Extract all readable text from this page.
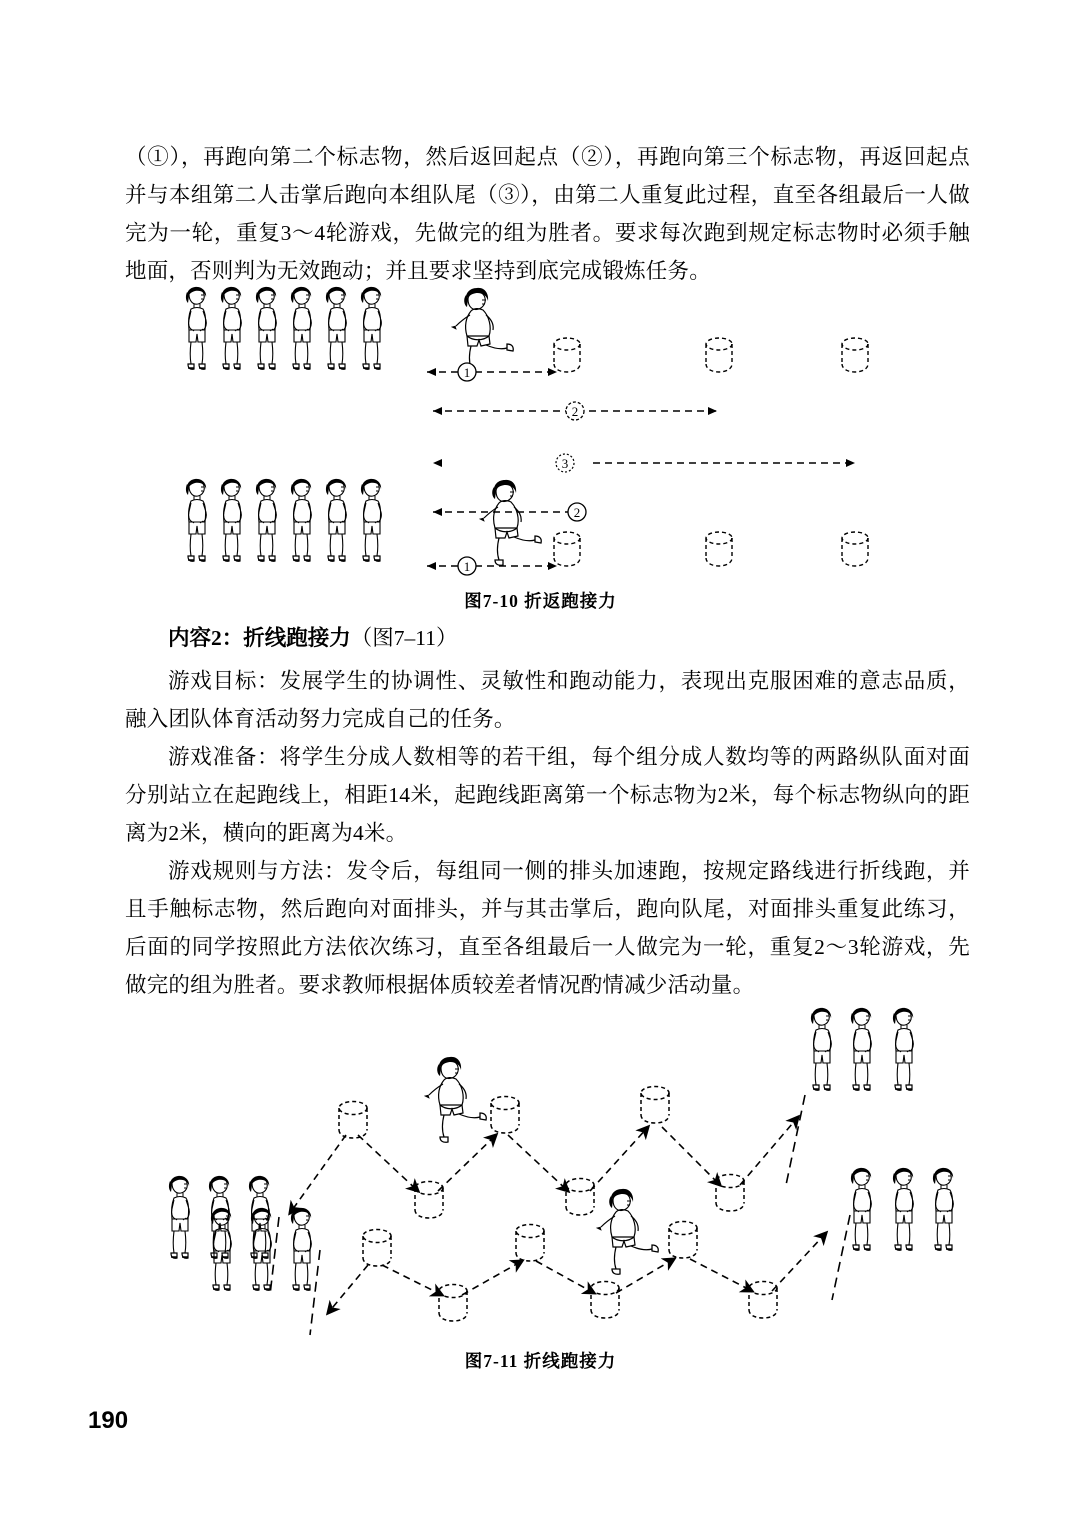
（①），再跑向第二个标志物，然后返回起点（②），再跑向第三个标志物，再返回起点并与本组第二人击掌后跑向本组队尾（③），由第二人重复此过程，直至各组最后一人做完为一轮，重复3～4轮游戏，先做完的组为胜者。要求每次跑到规定标志物时必须手触地面，否则判为无效跑动；并且要求坚持到底完成锻炼任务。
1
2
3
2
1
图7-10 折返跑接力
内容2：折线跑接力（图7–11）
游戏目标：发展学生的协调性、灵敏性和跑动能力，表现出克服困难的意志品质，融入团队体育活动努力完成自己的任务。
游戏准备：将学生分成人数相等的若干组，每个组分成人数均等的两路纵队面对面分别站立在起跑线上，相距14米，起跑线距离第一个标志物为2米，每个标志物纵向的距离为2米，横向的距离为4米。
游戏规则与方法：发令后，每组同一侧的排头加速跑，按规定路线进行折线跑，并且手触标志物，然后跑向对面排头，并与其击掌后，跑向队尾，对面排头重复此练习，后面的同学按照此方法依次练习，直至各组最后一人做完为一轮，重复2～3轮游戏，先做完的组为胜者。要求教师根据体质较差者情况酌情减少活动量。
图7-11 折线跑接力
190
